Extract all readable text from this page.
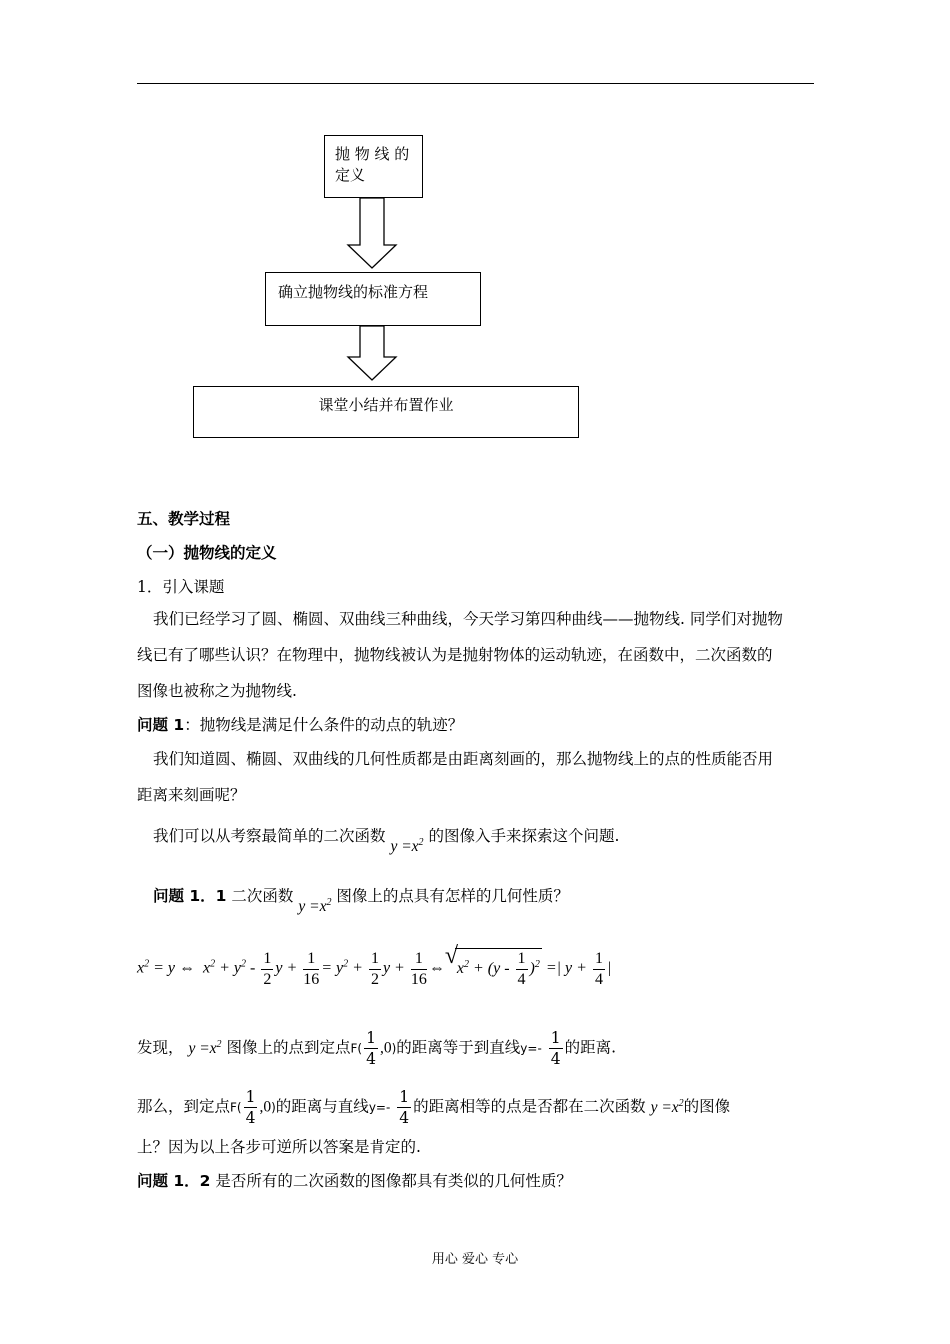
抛 物 线 的
定义
确立抛物线的标准方程
课堂小结并布置作业
五、教学过程
（一）抛物线的定义
1．引入课题
我们已经学习了圆、椭圆、双曲线三种曲线，今天学习第四种曲线——抛物线. 同学们对抛物
线已有了哪些认识？在物理中，抛物线被认为是抛射物体的运动轨迹，在函数中，二次函数的
图像也被称之为抛物线.
问题 1：抛物线是满足什么条件的动点的轨迹？
我们知道圆、椭圆、双曲线的几何性质都是由距离刻画的，那么抛物线上的点的性质能否用
距离来刻画呢？
我们可以从考察最简单的二次函数 $y =x^2$ 的图像入手来探索这个问题.
问题 1．1 二次函数 $y =x^2$ 图像上的点具有怎样的几何性质？
$x^2 = y$ ⇔  $x^2 + y^2 - \frac{1}{2}$ $y + \frac{1}{16} = y^2 + \frac{1}{2}$ $y + \frac{1}{16}$ ⇔
√
$x^2 + (y - \frac{1}{4} )^2$ =| $y + \frac{1}{4}$ |
发现， $y =x^2$ 图像上的点到定点$F( \frac{1}{4} ,0)$的距离等于到直线$y=- \frac{1}{4}$ 的距离.
那么，到定点$F( \frac{1}{4} ,0)$的距离与直线$y=- \frac{1}{4}$ 的距离相等的点是否都在二次函数 $y =x^2$的图像
上？因为以上各步可逆所以答案是肯定的.
问题 1．2 是否所有的二次函数的图像都具有类似的几何性质？
用心 爱心 专心
